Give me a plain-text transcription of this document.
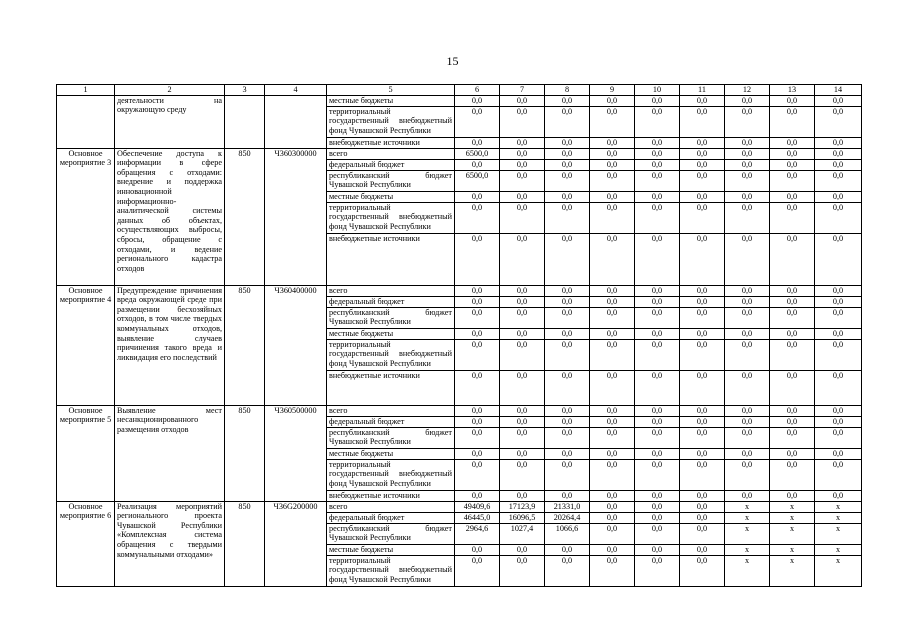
15
1	2	3	4	5	6	7	8	9	10	11	12	13	14
	деятельности на окружающую среду			местные бюджеты	0,0	0,0	0,0	0,0	0,0	0,0	0,0	0,0	0,0
				территориальный государственный внебюджетный фонд Чувашской Республики	0,0	0,0	0,0	0,0	0,0	0,0	0,0	0,0	0,0
				внебюджетные источники	0,0	0,0	0,0	0,0	0,0	0,0	0,0	0,0	0,0
Основное мероприятие 3	Обеспечение доступа к информации в сфере обращения с отходами: внедрение и поддержка инновационной информационно-аналитической системы данных об объектах, осуществляющих выбросы, сбросы, обращение с отходами, и ведение регионального кадастра отходов	850	Ч360300000	всего	6500,0	0,0	0,0	0,0	0,0	0,0	0,0	0,0	0,0
				федеральный бюджет	0,0	0,0	0,0	0,0	0,0	0,0	0,0	0,0	0,0
				республиканский бюджет Чувашской Республики	6500,0	0,0	0,0	0,0	0,0	0,0	0,0	0,0	0,0
				местные бюджеты	0,0	0,0	0,0	0,0	0,0	0,0	0,0	0,0	0,0
				территориальный государственный внебюджетный фонд Чувашской Республики	0,0	0,0	0,0	0,0	0,0	0,0	0,0	0,0	0,0
				внебюджетные источники	0,0	0,0	0,0	0,0	0,0	0,0	0,0	0,0	0,0
Основное мероприятие 4	Предупреждение причинения вреда окружающей среде при размещении бесхозяйных отходов, в том числе твердых коммунальных отходов, выявление случаев причинения такого вреда и ликвидация его последствий	850	Ч360400000	всего	0,0	0,0	0,0	0,0	0,0	0,0	0,0	0,0	0,0
				федеральный бюджет	0,0	0,0	0,0	0,0	0,0	0,0	0,0	0,0	0,0
				республиканский бюджет Чувашской Республики	0,0	0,0	0,0	0,0	0,0	0,0	0,0	0,0	0,0
				местные бюджеты	0,0	0,0	0,0	0,0	0,0	0,0	0,0	0,0	0,0
				территориальный государственный внебюджетный фонд Чувашской Республики	0,0	0,0	0,0	0,0	0,0	0,0	0,0	0,0	0,0
				внебюджетные источники	0,0	0,0	0,0	0,0	0,0	0,0	0,0	0,0	0,0
Основное мероприятие 5	Выявление мест несанкционированного размещения отходов	850	Ч360500000	всего	0,0	0,0	0,0	0,0	0,0	0,0	0,0	0,0	0,0
				федеральный бюджет	0,0	0,0	0,0	0,0	0,0	0,0	0,0	0,0	0,0
				республиканский бюджет Чувашской Республики	0,0	0,0	0,0	0,0	0,0	0,0	0,0	0,0	0,0
				местные бюджеты	0,0	0,0	0,0	0,0	0,0	0,0	0,0	0,0	0,0
				территориальный государственный внебюджетный фонд Чувашской Республики	0,0	0,0	0,0	0,0	0,0	0,0	0,0	0,0	0,0
				внебюджетные источники	0,0	0,0	0,0	0,0	0,0	0,0	0,0	0,0	0,0
Основное мероприятие 6	Реализация мероприятий регионального проекта Чувашской Республики «Комплексная система обращения с твердыми коммунальными отходами»	850	Ч36G200000	всего	49409,6	17123,9	21331,0	0,0	0,0	0,0	x	x	x
				федеральный бюджет	46445,0	16096,5	20264,4	0,0	0,0	0,0	x	x	x
				республиканский бюджет Чувашской Республики	2964,6	1027,4	1066,6	0,0	0,0	0,0	x	x	x
				местные бюджеты	0,0	0,0	0,0	0,0	0,0	0,0	x	x	x
				территориальный государственный внебюджетный фонд Чувашской Республики	0,0	0,0	0,0	0,0	0,0	0,0	x	x	x
